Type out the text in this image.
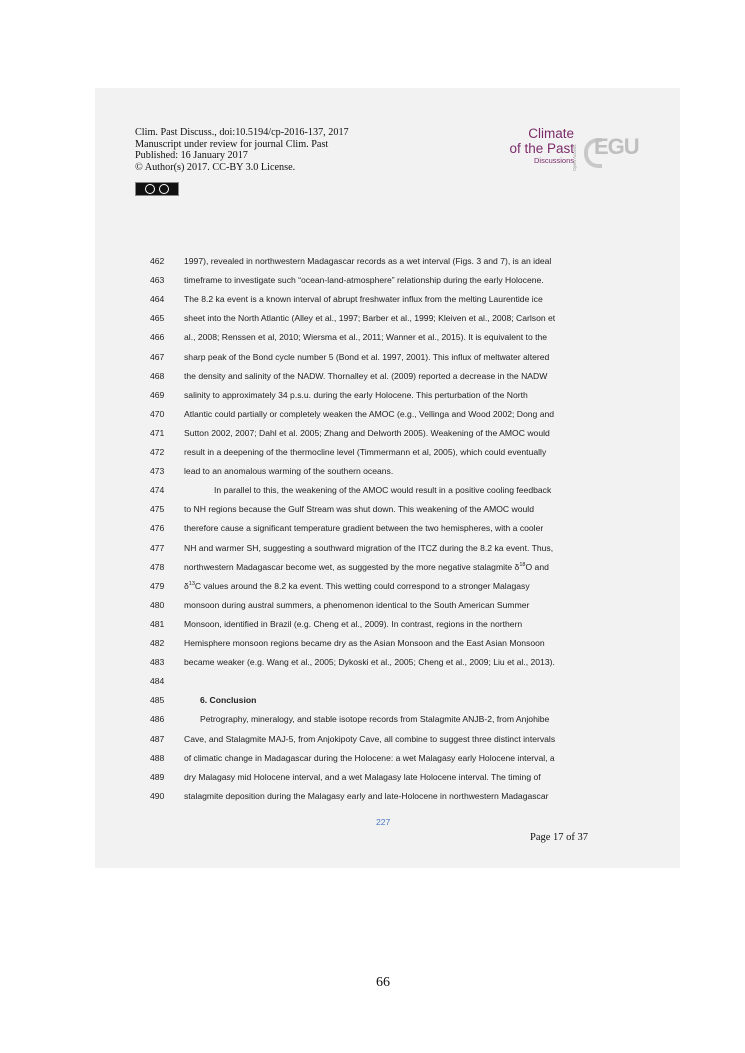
Clim. Past Discuss., doi:10.5194/cp-2016-137, 2017
Manuscript under review for journal Clim. Past
Published: 16 January 2017
© Author(s) 2017. CC-BY 3.0 License.
Climate
of the Past
Discussions
Open Access EGU
462	1997), revealed in northwestern Madagascar records as a wet interval (Figs. 3 and 7), is an ideal
463	timeframe to investigate such “ocean-land-atmosphere” relationship during the early Holocene.
464	The 8.2 ka event is a known interval of abrupt freshwater influx from the melting Laurentide ice
465	sheet into the North Atlantic (Alley et al., 1997; Barber et al., 1999; Kleiven et al., 2008; Carlson et
466	al., 2008; Renssen et al, 2010; Wiersma et al., 2011; Wanner et al., 2015). It is equivalent to the
467	sharp peak of the Bond cycle number 5 (Bond et al. 1997, 2001). This influx of meltwater altered
468	the density and salinity of the NADW. Thornalley et al. (2009) reported a decrease in the NADW
469	salinity to approximately 34 p.s.u. during the early Holocene. This perturbation of the North
470	Atlantic could partially or completely weaken the AMOC (e.g., Vellinga and Wood 2002; Dong and
471	Sutton 2002, 2007; Dahl et al. 2005; Zhang and Delworth 2005). Weakening of the AMOC would
472	result in a deepening of the thermocline level (Timmermann et al, 2005), which could eventually
473	lead to an anomalous warming of the southern oceans.
474	In parallel to this, the weakening of the AMOC would result in a positive cooling feedback
475	to NH regions because the Gulf Stream was shut down. This weakening of the AMOC would
476	therefore cause a significant temperature gradient between the two hemispheres, with a cooler
477	NH and warmer SH, suggesting a southward migration of the ITCZ during the 8.2 ka event. Thus,
478	northwestern Madagascar become wet, as suggested by the more negative stalagmite $\delta^{18}O$ and
479	$\delta^{13}C$ values around the 8.2 ka event. This wetting could correspond to a stronger Malagasy
480	monsoon during austral summers, a phenomenon identical to the South American Summer
481	Monsoon, identified in Brazil (e.g. Cheng et al., 2009). In contrast, regions in the northern
482	Hemisphere monsoon regions became dry as the Asian Monsoon and the East Asian Monsoon
483	became weaker (e.g. Wang et al., 2005; Dykoski et al., 2005; Cheng et al., 2009; Liu et al., 2013).
484
485	6. Conclusion
486	Petrography, mineralogy, and stable isotope records from Stalagmite ANJB-2, from Anjohibe
487	Cave, and Stalagmite MAJ-5, from Anjokipoty Cave, all combine to suggest three distinct intervals
488	of climatic change in Madagascar during the Holocene: a wet Malagasy early Holocene interval, a
489	dry Malagasy mid Holocene interval, and a wet Malagasy late Holocene interval. The timing of
490	stalagmite deposition during the Malagasy early and late-Holocene in northwestern Madagascar
227
Page 17 of 37
66
